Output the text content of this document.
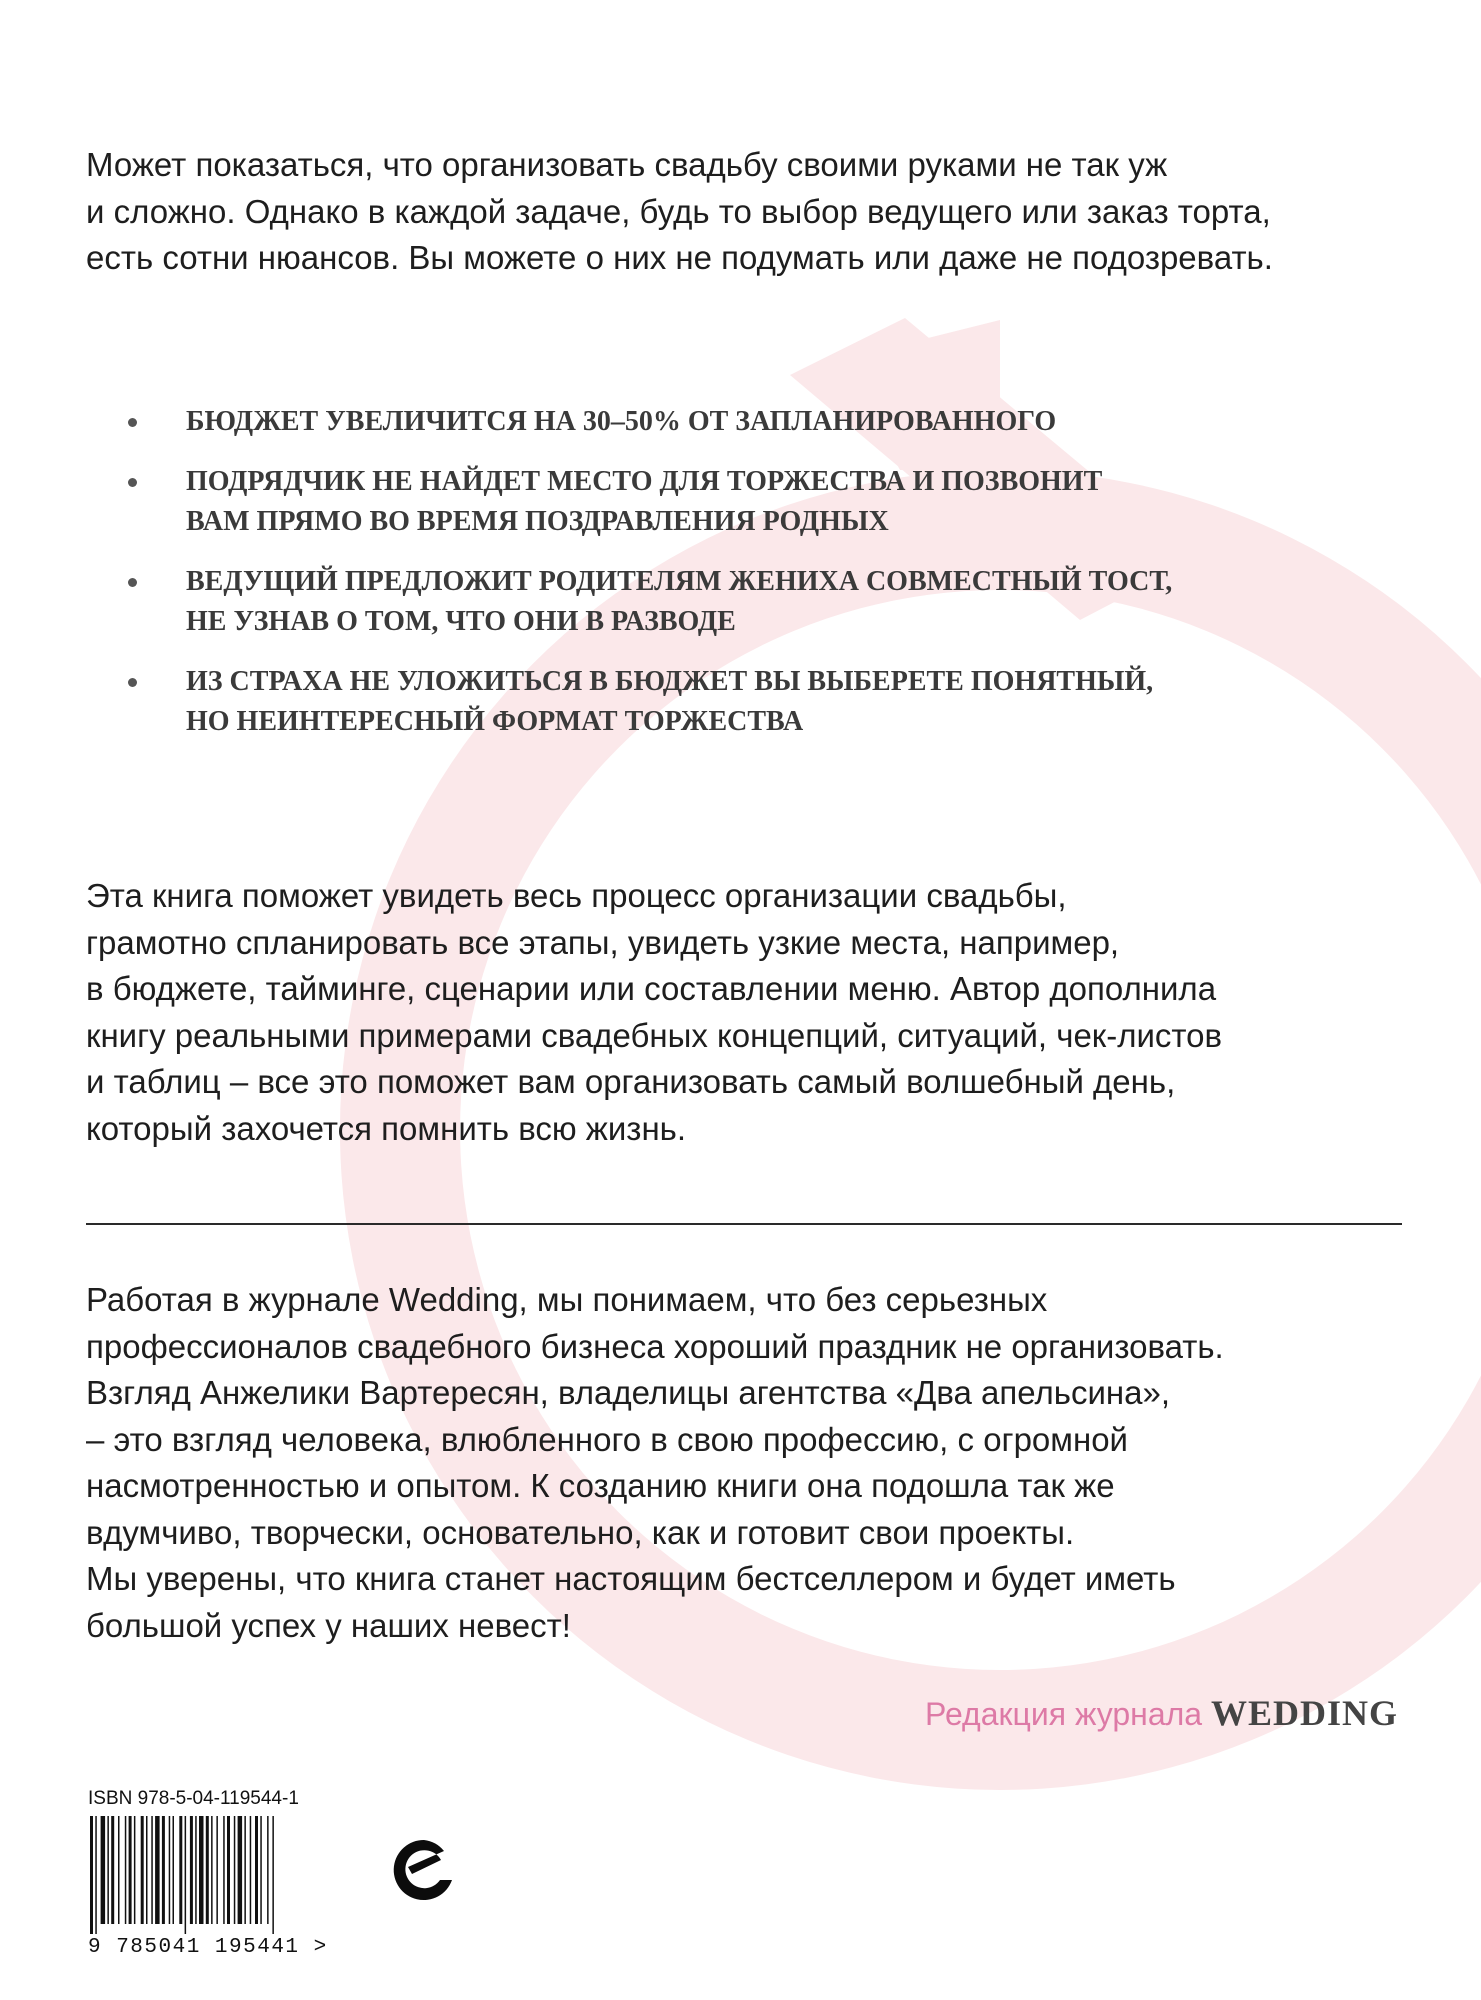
Может показаться, что организовать свадьбу своими руками не так уж
и сложно. Однако в каждой задаче, будь то выбор ведущего или заказ торта,
есть сотни нюансов. Вы можете о них не подумать или даже не подозревать.

БЮДЖЕТ УВЕЛИЧИТСЯ НА 30–50% ОТ ЗАПЛАНИРОВАННОГО
ПОДРЯДЧИК НЕ НАЙДЕТ МЕСТО ДЛЯ ТОРЖЕСТВА И ПОЗВОНИТ
ВАМ ПРЯМО ВО ВРЕМЯ ПОЗДРАВЛЕНИЯ РОДНЫХ
ВЕДУЩИЙ ПРЕДЛОЖИТ РОДИТЕЛЯМ ЖЕНИХА СОВМЕСТНЫЙ ТОСТ,
НЕ УЗНАВ О ТОМ, ЧТО ОНИ В РАЗВОДЕ
ИЗ СТРАХА НЕ УЛОЖИТЬСЯ В БЮДЖЕТ ВЫ ВЫБЕРЕТЕ ПОНЯТНЫЙ,
НО НЕИНТЕРЕСНЫЙ ФОРМАТ ТОРЖЕСТВА

Эта книга поможет увидеть весь процесс организации свадьбы,
грамотно спланировать все этапы, увидеть узкие места, например,
в бюджете, тайминге, сценарии или составлении меню. Автор дополнила
книгу реальными примерами свадебных концепций, ситуаций, чек-листов
и таблиц – все это поможет вам организовать самый волшебный день,
который захочется помнить всю жизнь.

Работая в журнале Wedding, мы понимаем, что без серьезных
профессионалов свадебного бизнеса хороший праздник не организовать.
Взгляд Анжелики Вартересян, владелицы агентства «Два апельсина»,
– это взгляд человека, влюбленного в свою профессию, с огромной
насмотренностью и опытом. К созданию книги она подошла так же
вдумчиво, творчески, основательно, как и готовит свои проекты.
Мы уверены, что книга станет настоящим бестселлером и будет иметь
большой успех у наших невест!

Редакция журнала WEDDING
ISBN 978-5-04-119544-1
9 785041 195441 >
